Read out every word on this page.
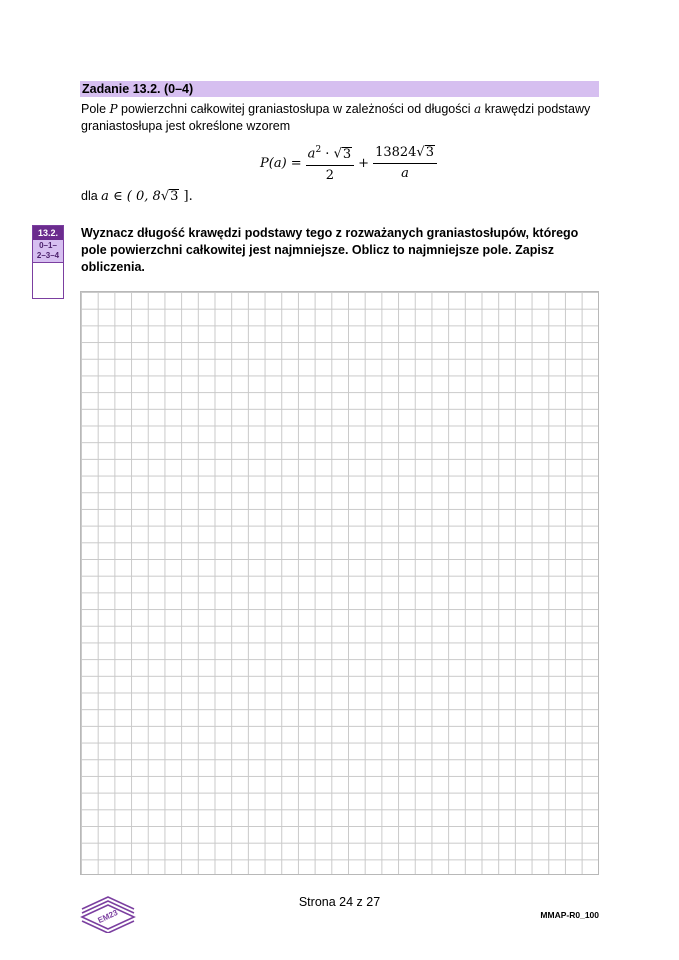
Zadanie 13.2. (0–4)
Pole P powierzchni całkowitej graniastosłupa w zależności od długości a krawędzi podstawy graniastosłupa jest określone wzorem
$P(a) = \frac{a^2 \cdot √3}{2} + \frac{13824√3}{a}$
dla a ∈ ( 0, 8√3 ].
13.2.
0–1–
2–3–4
Wyznacz długość krawędzi podstawy tego z rozważanych graniastosłupów, którego pole powierzchni całkowitej jest najmniejsze. Oblicz to najmniejsze pole. Zapisz obliczenia.
EM23
Strona 24 z 27
MMAP-R0_100
